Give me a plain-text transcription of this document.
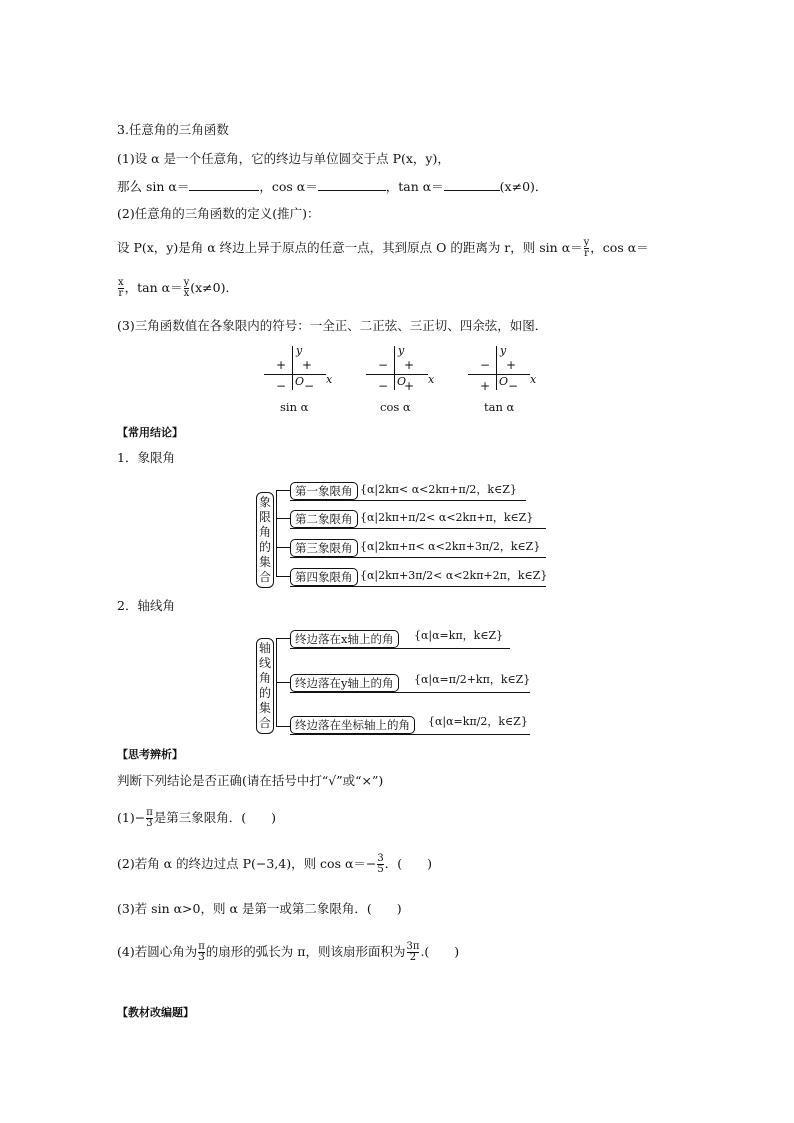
3.任意角的三角函数
(1)设 α 是一个任意角，它的终边与单位圆交于点 P(x，y)，
那么 sin α＝	，cos α＝	，tan α＝	(x≠0)．
(2)任意角的三角函数的定义(推广)：
设 P(x，y)是角 α 终边上异于原点的任意一点，其到原点 O 的距离为 r，则 $\sin \alpha= \frac{y}{r}$ ，cos α＝
$\frac{x}{r}$ ，$\tan \alpha= \frac{y}{x} (x\ne 0)$．
(3)三角函数值在各象限内的符号：一全正、二正弦、三正切、四余弦，如图．
y
x
O
+ +
− −
sin α
y
x
O
− +
− +
cos α
y
x
O
− +
+ −
tan α
【常用结论】
1．象限角
象
限
角
的
集
合
第一象限角 {α|2kπ< α<2kπ+π/2，k∈Z}
第二象限角 {α|2kπ+π/2< α<2kπ+π，k∈Z}
第三象限角 {α|2kπ+π< α<2kπ+3π/2，k∈Z}
第四象限角 {α|2kπ+3π/2< α<2kπ+2π，k∈Z}
2．轴线角
轴
线
角
的
集
合
终边落在x轴上的角	{α|α=kπ，k∈Z}
终边落在y轴上的角	{α|α=π/2+kπ，k∈Z}
终边落在坐标轴上的角	{α|α=kπ/2，k∈Z}
【思考辨析】
判断下列结论是否正确(请在括号中打“√”或“×”)
$(1)- \frac{\pi}{3}$ 是第三象限角．(　　)
(2)若角 α 的终边过点 P(−3,4)，则 $\cos \alpha=- \frac{3}{5}$ ．(　　)
(3)若 sin α>0，则 α 是第一或第二象限角．(　　)
(4)若圆心角为 $\frac{\pi}{3}$ 的扇形的弧长为 π，则该扇形面积为 $\frac{3\pi}{2}$ .(　　)
【教材改编题】
